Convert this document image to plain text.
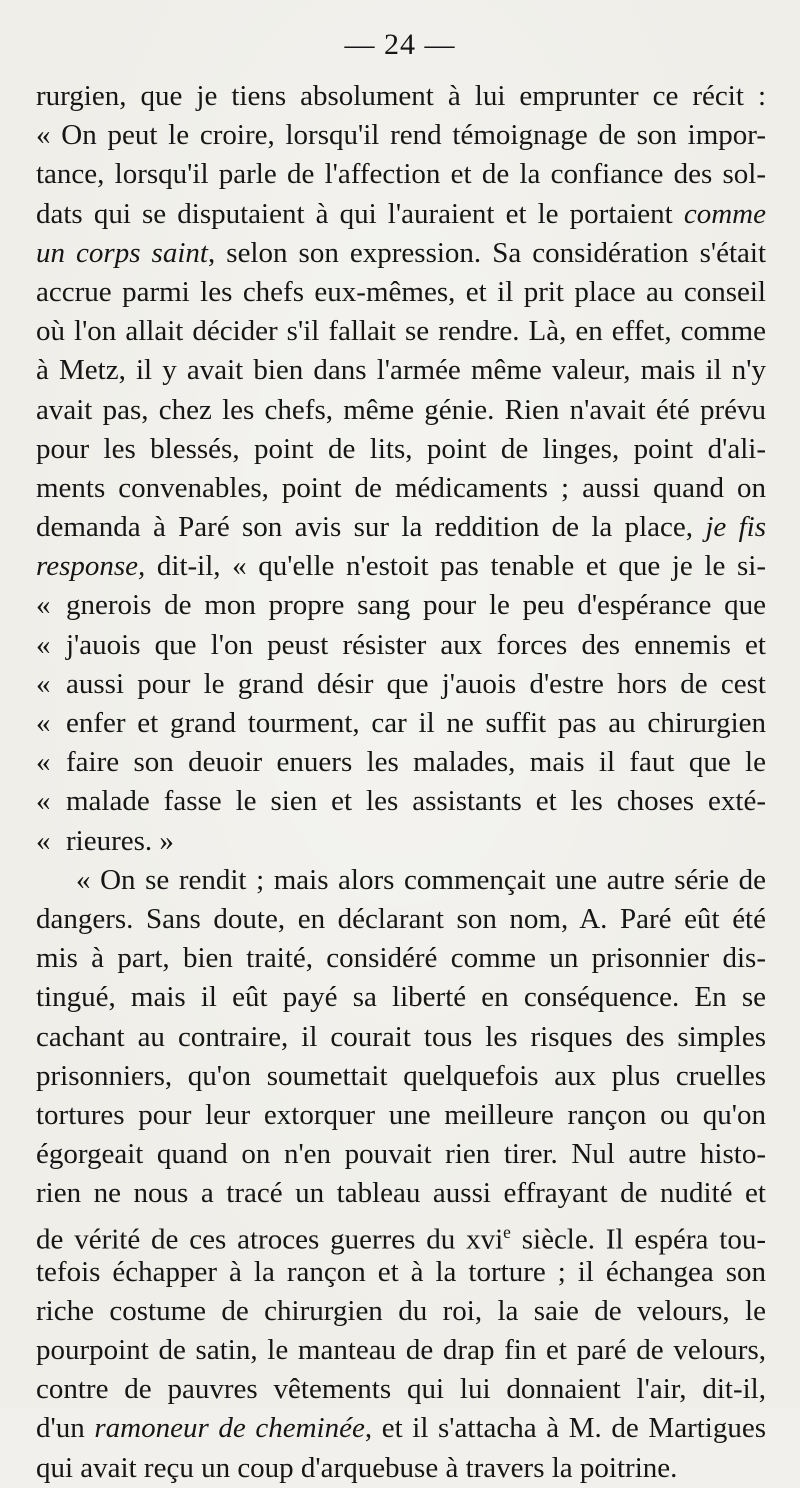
— 24 —
rurgien, que je tiens absolument à lui emprunter ce récit :
« On peut le croire, lorsqu'il rend témoignage de son impor-
tance, lorsqu'il parle de l'affection et de la confiance des sol-
dats qui se disputaient à qui l'auraient et le portaient comme
un corps saint, selon son expression. Sa considération s'était
accrue parmi les chefs eux-mêmes, et il prit place au conseil
où l'on allait décider s'il fallait se rendre. Là, en effet, comme
à Metz, il y avait bien dans l'armée même valeur, mais il n'y
avait pas, chez les chefs, même génie. Rien n'avait été prévu
pour les blessés, point de lits, point de linges, point d'ali-
ments convenables, point de médicaments ; aussi quand on
demanda à Paré son avis sur la reddition de la place, je fis
response, dit-il, « qu'elle n'estoit pas tenable et que je le si-
« gnerois de mon propre sang pour le peu d'espérance que
« j'auois que l'on peust résister aux forces des ennemis et
« aussi pour le grand désir que j'auois d'estre hors de cest
« enfer et grand tourment, car il ne suffit pas au chirurgien
« faire son deuoir enuers les malades, mais il faut que le
« malade fasse le sien et les assistants et les choses exté-
« rieures. »
« On se rendit ; mais alors commençait une autre série de
dangers. Sans doute, en déclarant son nom, A. Paré eût été
mis à part, bien traité, considéré comme un prisonnier dis-
tingué, mais il eût payé sa liberté en conséquence. En se
cachant au contraire, il courait tous les risques des simples
prisonniers, qu'on soumettait quelquefois aux plus cruelles
tortures pour leur extorquer une meilleure rançon ou qu'on
égorgeait quand on n'en pouvait rien tirer. Nul autre histo-
rien ne nous a tracé un tableau aussi effrayant de nudité et
de vérité de ces atroces guerres du xvi$^e$ siècle. Il espéra tou-
tefois échapper à la rançon et à la torture ; il échangea son
riche costume de chirurgien du roi, la saie de velours, le
pourpoint de satin, le manteau de drap fin et paré de velours,
contre de pauvres vêtements qui lui donnaient l'air, dit-il,
d'un ramoneur de cheminée, et il s'attacha à M. de Martigues
qui avait reçu un coup d'arquebuse à travers la poitrine.
